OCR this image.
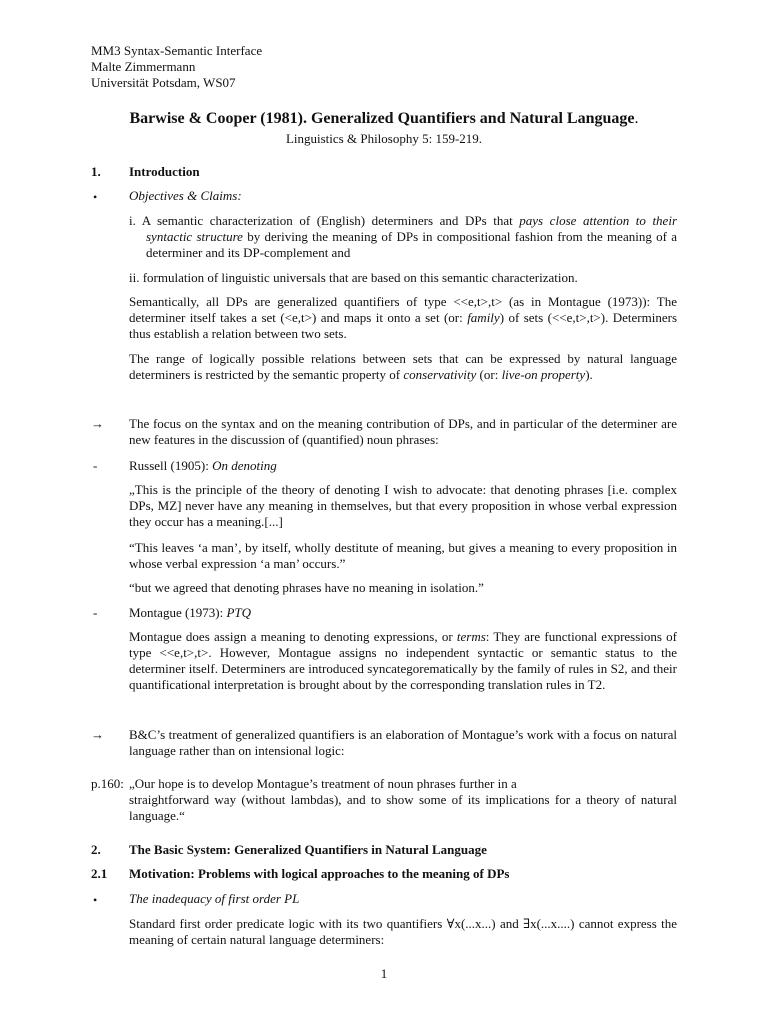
MM3 Syntax-Semantic Interface
Malte Zimmermann
Universität Potsdam, WS07
Barwise & Cooper (1981). Generalized Quantifiers and Natural Language.
Linguistics & Philosophy 5: 159-219.
1. Introduction
• Objectives & Claims:
i. A semantic characterization of (English) determiners and DPs that pays close attention to their syntactic structure by deriving the meaning of DPs in compositional fashion from the meaning of a determiner and its DP-complement and
ii. formulation of linguistic universals that are based on this semantic characterization.
Semantically, all DPs are generalized quantifiers of type <<e,t>,t> (as in Montague (1973)): The determiner itself takes a set (<e,t>) and maps it onto a set (or: family) of sets (<<e,t>,t>). Determiners thus establish a relation between two sets.
The range of logically possible relations between sets that can be expressed by natural language determiners is restricted by the semantic property of conservativity (or: live-on property).
→ The focus on the syntax and on the meaning contribution of DPs, and in particular of the determiner are new features in the discussion of (quantified) noun phrases:
- Russell (1905): On denoting
„This is the principle of the theory of denoting I wish to advocate: that denoting phrases [i.e. complex DPs, MZ] never have any meaning in themselves, but that every proposition in whose verbal expression they occur has a meaning.[...]
“This leaves ‘a man’, by itself, wholly destitute of meaning, but gives a meaning to every proposition in whose verbal expression ‘a man’ occurs.”
“but we agreed that denoting phrases have no meaning in isolation.”
- Montague (1973): PTQ
Montague does assign a meaning to denoting expressions, or terms: They are functional expressions of type <<e,t>,t>. However, Montague assigns no independent syntactic or semantic status to the determiner itself. Determiners are introduced syncategorematically by the family of rules in S2, and their quantificational interpretation is brought about by the corresponding translation rules in T2.
→ B&C’s treatment of generalized quantifiers is an elaboration of Montague’s work with a focus on natural language rather than on intensional logic:
p.160: „Our hope is to develop Montague’s treatment of noun phrases further in a
straightforward way (without lambdas), and to show some of its implications for a theory of natural language.“
2. The Basic System: Generalized Quantifiers in Natural Language
2.1 Motivation: Problems with logical approaches to the meaning of DPs
• The inadequacy of first order PL
Standard first order predicate logic with its two quantifiers ∀x(...x...) and ∃x(...x....) cannot express the meaning of certain natural language determiners:
1
